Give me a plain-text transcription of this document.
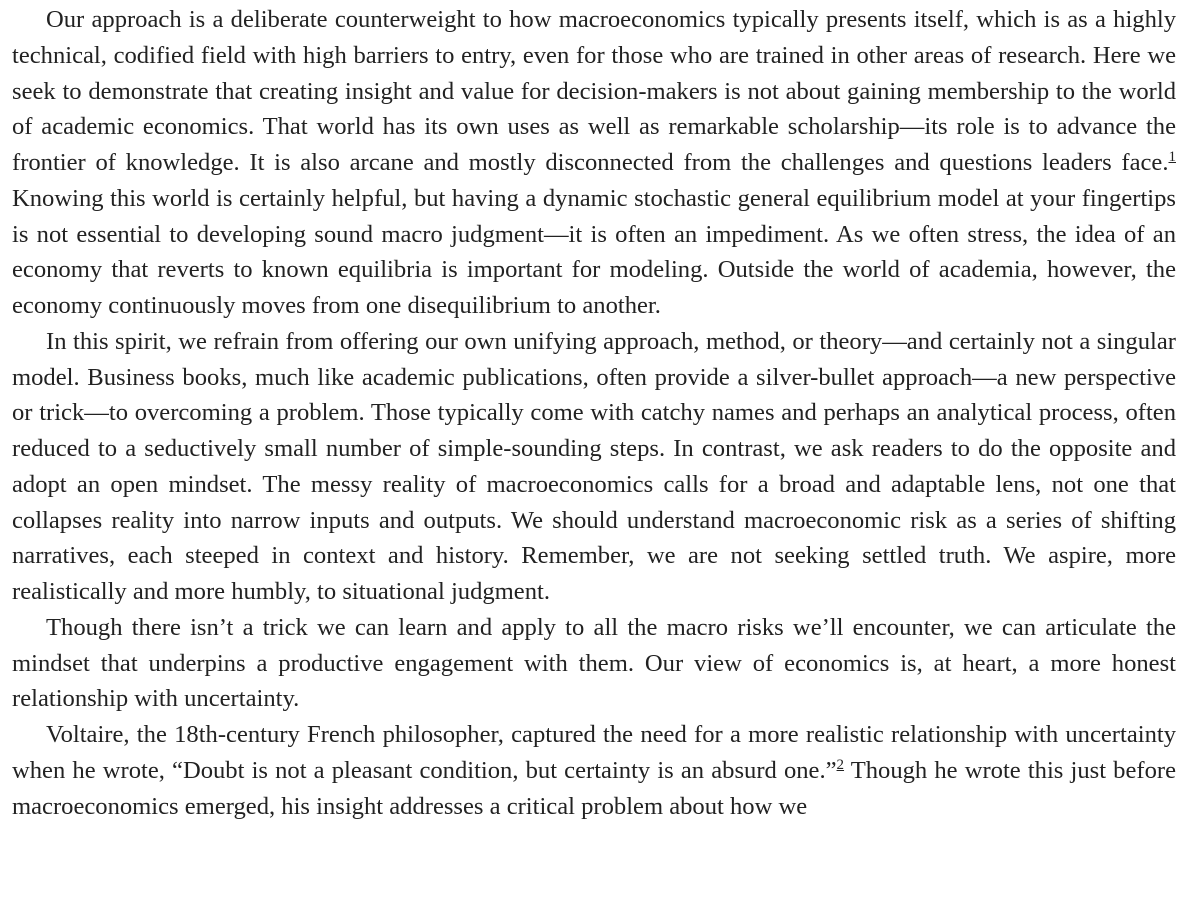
Our approach is a deliberate counterweight to how macroeconomics typically presents itself, which is as a highly technical, codified field with high barriers to entry, even for those who are trained in other areas of research. Here we seek to demonstrate that creating insight and value for decision-makers is not about gaining membership to the world of academic economics. That world has its own uses as well as remarkable scholarship—its role is to advance the frontier of knowledge. It is also arcane and mostly disconnected from the challenges and questions leaders face.$^1$ Knowing this world is certainly helpful, but having a dynamic stochastic general equilibrium model at your fingertips is not essential to developing sound macro judgment—it is often an impediment. As we often stress, the idea of an economy that reverts to known equilibria is important for modeling. Outside the world of academia, however, the economy continuously moves from one disequilibrium to another.

In this spirit, we refrain from offering our own unifying approach, method, or theory—and certainly not a singular model. Business books, much like academic publications, often provide a silver-bullet approach—a new perspective or trick—to overcoming a problem. Those typically come with catchy names and perhaps an analytical process, often reduced to a seductively small number of simple-sounding steps. In contrast, we ask readers to do the opposite and adopt an open mindset. The messy reality of macroeconomics calls for a broad and adaptable lens, not one that collapses reality into narrow inputs and outputs. We should understand macroeconomic risk as a series of shifting narratives, each steeped in context and history. Remember, we are not seeking settled truth. We aspire, more realistically and more humbly, to situational judgment.

Though there isn’t a trick we can learn and apply to all the macro risks we’ll encounter, we can articulate the mindset that underpins a productive engagement with them. Our view of economics is, at heart, a more honest relationship with uncertainty.

Voltaire, the 18th-century French philosopher, captured the need for a more realistic relationship with uncertainty when he wrote, “Doubt is not a pleasant condition, but certainty is an absurd one.”$^2$ Though he wrote this just before macroeconomics emerged, his insight addresses a critical problem about how we
